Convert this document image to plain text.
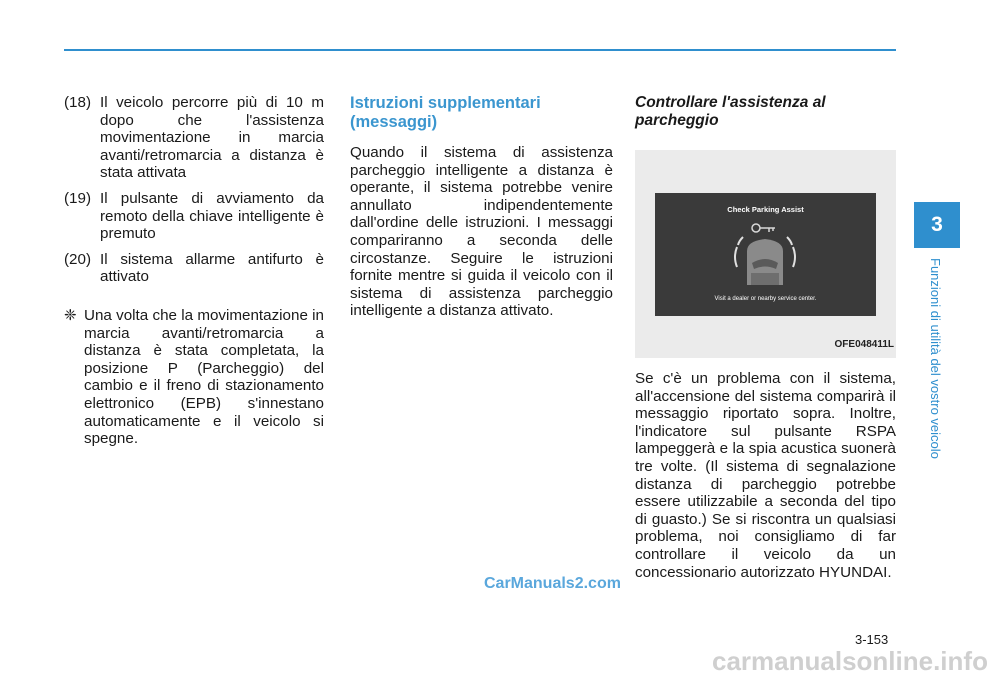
(18) Il veicolo percorre più di 10 m dopo che l'assistenza movimentazione in marcia avanti/retromarcia a distanza è stata attivata
(19) Il pulsante di avviamento da remoto della chiave intelligente è premuto
(20) Il sistema allarme antifurto è attivato
❈ Una volta che la movimentazione in marcia avanti/retromarcia a distanza è stata completata, la posizione P (Parcheggio) del cambio e il freno di stazionamento elettronico (EPB) s'innestano automaticamente e il veicolo si spegne.
Istruzioni supplementari (messaggi)

Quando il sistema di assistenza parcheggio intelligente a distanza è operante, il sistema potrebbe venire annullato indipendentemente dall'ordine delle istruzioni. I messaggi compariranno a seconda delle circostanze. Seguire le istruzioni fornite mentre si guida il veicolo con il sistema di assistenza parcheggio intelligente a distanza attivato.

Controllare l'assistenza al parcheggio
Check Parking Assist
Visit a dealer or nearby service center.
OFE048411L

Se c'è un problema con il sistema, all'accensione del sistema comparirà il messaggio riportato sopra. Inoltre, l'indicatore sul pulsante RSPA lampeggerà e la spia acustica suonerà tre volte. (Il sistema di segnalazione distanza di parcheggio potrebbe essere utilizzabile a seconda del tipo di guasto.) Se si riscontra un qualsiasi problema, noi consigliamo di far controllare il veicolo da un concessionario autorizzato HYUNDAI.

3
Funzioni di utilità del vostro veicolo
CarManuals2.com
3-153
carmanualsonline.info
